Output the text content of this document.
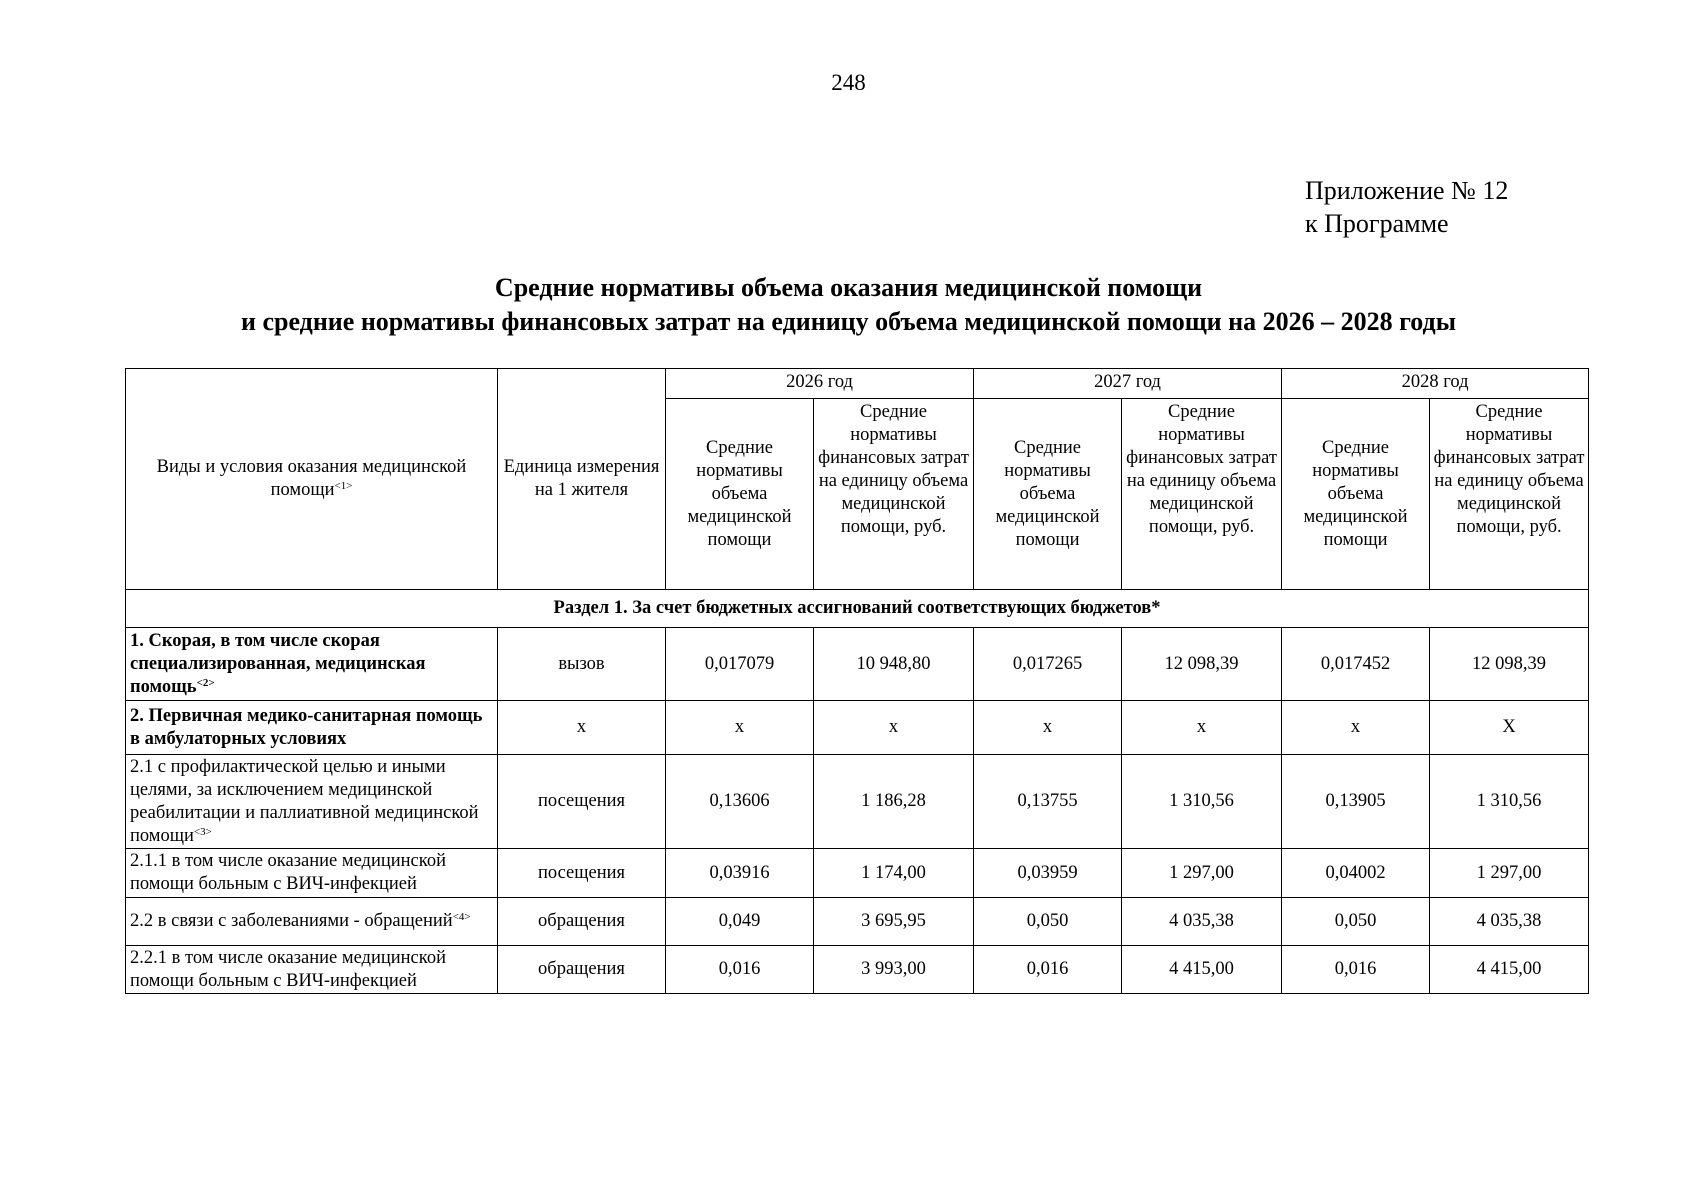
248
Приложение № 12
к Программе
Средние нормативы объема оказания медицинской помощи
и средние нормативы финансовых затрат на единицу объема медицинской помощи на 2026 – 2028 годы
Виды и условия оказания медицинской помощи$^{<1>}$	Единица измерения на 1 жителя	2026 год		2027 год		2028 год	
		Средние нормативы объема медицинской помощи	Средние нормативы финансовых затрат на единицу объема медицинской помощи, руб.	Средние нормативы объема медицинской помощи	Средние нормативы финансовых затрат на единицу объема медицинской помощи, руб.	Средние нормативы объема медицинской помощи	Средние нормативы финансовых затрат на единицу объема медицинской помощи, руб.
Раздел 1. За счет бюджетных ассигнований соответствующих бюджетов*							
1. Скорая, в том числе скорая специализированная, медицинская помощь$^{<2>}$	вызов	0,017079	10 948,80	0,017265	12 098,39	0,017452	12 098,39
2. Первичная медико-санитарная помощь в амбулаторных условиях	х	х	х	х	х	х	Х
2.1 с профилактической целью и иными целями, за исключением медицинской реабилитации и паллиативной медицинской помощи$^{<3>}$	посещения	0,13606	1 186,28	0,13755	1 310,56	0,13905	1 310,56
2.1.1 в том числе оказание медицинской помощи больным с ВИЧ-инфекцией	посещения	0,03916	1 174,00	0,03959	1 297,00	0,04002	1 297,00
2.2 в связи с заболеваниями - обращений$^{<4>}$	обращения	0,049	3 695,95	0,050	4 035,38	0,050	4 035,38
2.2.1 в том числе оказание медицинской помощи больным с ВИЧ-инфекцией	обращения	0,016	3 993,00	0,016	4 415,00	0,016	4 415,00
